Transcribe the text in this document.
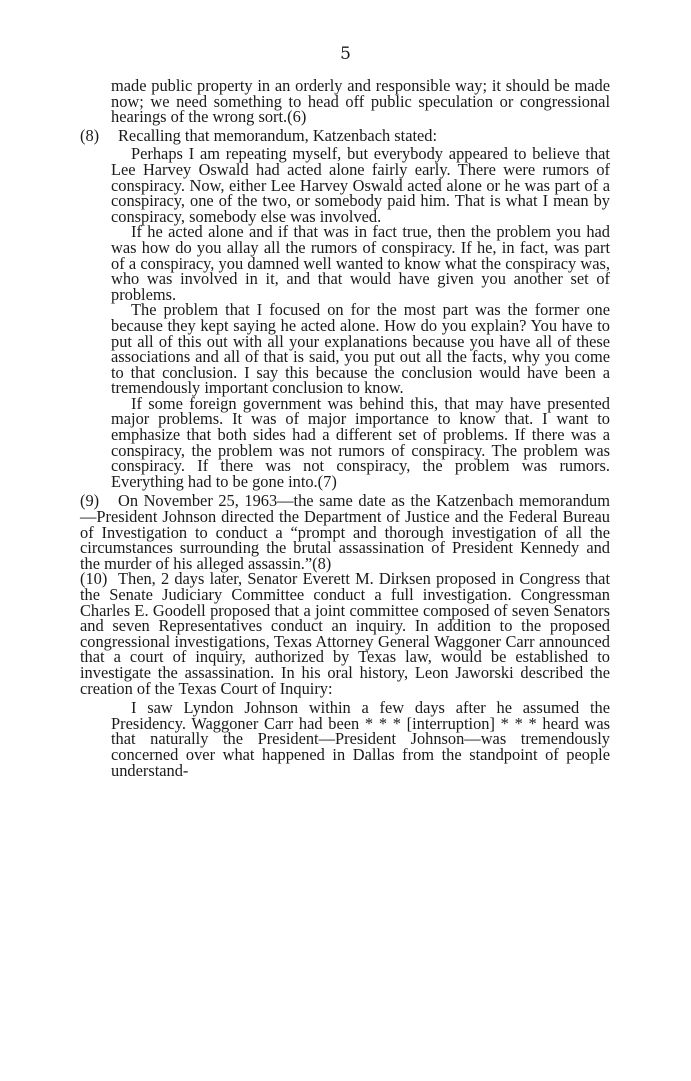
5

made public property in an orderly and responsible way; it should be made now; we need something to head off public speculation or congressional hearings of the wrong sort.(6)

(8) Recalling that memorandum, Katzenbach stated:

Perhaps I am repeating myself, but everybody appeared to believe that Lee Harvey Oswald had acted alone fairly early. There were rumors of conspiracy. Now, either Lee Harvey Oswald acted alone or he was part of a conspiracy, one of the two, or somebody paid him. That is what I mean by conspiracy, somebody else was involved.

If he acted alone and if that was in fact true, then the problem you had was how do you allay all the rumors of conspiracy. If he, in fact, was part of a conspiracy, you damned well wanted to know what the conspiracy was, who was involved in it, and that would have given you another set of problems.

The problem that I focused on for the most part was the former one because they kept saying he acted alone. How do you explain? You have to put all of this out with all your explanations because you have all of these associations and all of that is said, you put out all the facts, why you come to that conclusion. I say this because the conclusion would have been a tremendously important conclusion to know.

If some foreign government was behind this, that may have presented major problems. It was of major importance to know that. I want to emphasize that both sides had a different set of problems. If there was a conspiracy, the problem was not rumors of conspiracy. The problem was conspiracy. If there was not conspiracy, the problem was rumors. Everything had to be gone into.(7)

(9) On November 25, 1963—the same date as the Katzenbach memorandum—President Johnson directed the Department of Justice and the Federal Bureau of Investigation to conduct a “prompt and thorough investigation of all the circumstances surrounding the brutal assassination of President Kennedy and the murder of his alleged assassin.”(8)

(10) Then, 2 days later, Senator Everett M. Dirksen proposed in Congress that the Senate Judiciary Committee conduct a full investigation. Congressman Charles E. Goodell proposed that a joint committee composed of seven Senators and seven Representatives conduct an inquiry. In addition to the proposed congressional investigations, Texas Attorney General Waggoner Carr announced that a court of inquiry, authorized by Texas law, would be established to investigate the assassination. In his oral history, Leon Jaworski described the creation of the Texas Court of Inquiry:

I saw Lyndon Johnson within a few days after he assumed the Presidency. Waggoner Carr had been * * * [interruption] * * * heard was that naturally the President—President Johnson—was tremendously concerned over what happened in Dallas from the standpoint of people understand-
